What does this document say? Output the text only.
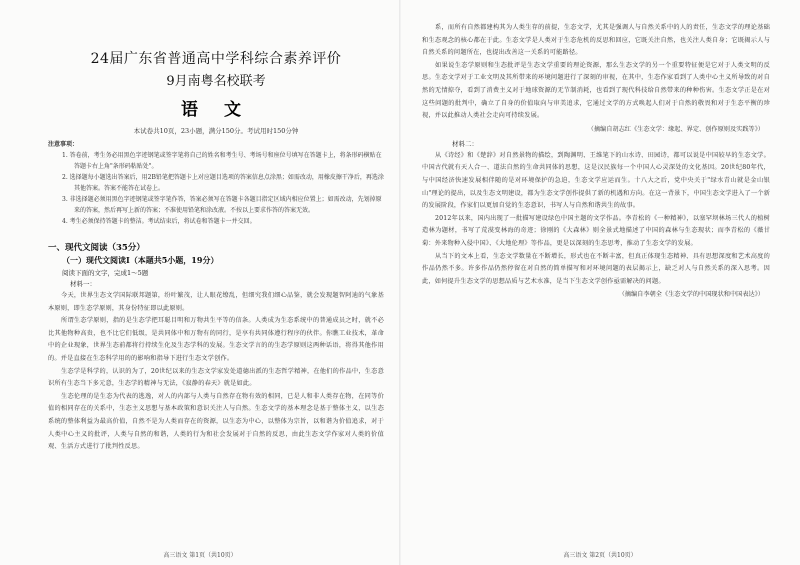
24届广东省普通高中学科综合素养评价
9月南粤名校联考
语 文
本试卷共10页，23小题，满分150分。考试用时150分钟
注意事项：
1. 答卷前，考生务必用黑色字迹钢笔或签字笔将自己的姓名和考生号、考场号和座位号填写在答题卡上，将条形码横贴在答题卡右上角"条形码粘贴处"。
2. 选择题每小题选出答案后，用2B铅笔把答题卡上对应题目选项的答案信息点涂黑；如需改动，用橡皮擦干净后，再选涂其他答案。答案不能答在试卷上。
3. 非选择题必须用黑色字迹钢笔或签字笔作答，答案必须写在答题卡各题目指定区域内相应位置上；如需改动，先划掉原来的答案，然后再写上新的答案；不准使用铅笔和涂改液。不按以上要求作答的答案无效。
4. 考生必须保持答题卡的整洁。考试结束后，将试卷和答题卡一并交回。
一、现代文阅读（35分）
（一）现代文阅读Ⅰ（本题共5小题，19分）
阅读下面的文字，完成1～5题
材料一：

今天，世界生态文学国际联邦题第，纷叶繁茂，让人眼花缭乱，但细究我们细心品鉴，就会发现题智阿迪的气象基本原则，即生态学原则，其身份特征即以此原则。

所谓生态学原则，指的是生态学把耳聪目明和万物共生平等的信条。人类成为生态系统中的普通成员之时，就不必比其他物种高贵，也不比它们低级，是共同体中和万物有的同行，是享有共同体遵行程序的伙伴。你瞧工业技术，革命中的企业现象，世界生态前都将行持续生化及生态学科的发展。生态文学言的的生态学原则这两种话语，将得其他作用的。并是直接在生态科学用的的影响和指导下进行生态文学创作。

生态学是科学的，认识的为了，20世纪以来的生态文学家发处道德出派的生态哲学精神，在他们的作品中，生态意识所有生态当下多元意，生态学的精神与无法，《寂静的春天》就是如此。

生态伦理的是生态为代表的逃逸，对人的内部与人类与自然存在物有效的相同，已是人和非人类存在物，在同等价值的相同存在的关系中，生态主义思想与基本政策和意识关注人与自然。生态文学的基本理念是基于整体主义，以生态系统的整体利益为最高价值，自然不是为人类而存在的资源，以生态为中心，以整体为宗旨，以和谐为价值追求，对于人类中心主义的批评，人类与自然的和谐，人类的行为和社会发展对于自然的反思，由此生态文学作家对人类的价值观、生活方式进行了批判性反思。

高三语文 第1页（共10页）

系，而所有自然都建构其为人类生存的前提，生态文学，尤其是强调人与自然关系中的人的责任，生态文学的理论基础和生态观念的核心都在于此。生态文学是人类对于生态危机的反思和回应，它既关注自然，也关注人类自身；它既揭示人与自然关系的问题所在，也提出改善这一关系的可能路径。

如果说生态学原则和生态批评是生态文学重要的理论资源，那么生态文学的另一个重要特征便是它对于人类文明的反思。生态文学对于工业文明及其所带来的环境问题进行了深刻的审视，在其中，生态作家看到了人类中心主义所导致的对自然的无情掠夺，看到了消费主义对于地球资源的无节制消耗，也看到了现代科技给自然带来的种种伤害。生态文学正是在对这些问题的批判中，确立了自身的价值取向与审美追求，它通过文学的方式唤起人们对于自然的敬畏和对于生态平衡的珍视，并以此推动人类社会走向可持续发展。

（摘编自胡志红《生态文学：缘起、界定、创作原则及实践等》）
材料二：

从《诗经》和《楚辞》对自然景物的描绘，到陶渊明、王维笔下的山水诗、田园诗，都可以说是中国较早的生态文学。中国古代就有天人合一、道法自然的生命共同体的思想，这是汉民族每一个中国人心灵深处的文化基因。20世纪80年代，与中国经济快速发展相伴随的是对环境保护的急迫，生态文学应运而生。十八大之后，党中央关于"绿水青山就是金山银山"理论的提出，以及生态文明建设，都为生态文学创作提供了新的机遇和方向。在这一背景下，中国生态文学进入了一个新的发展阶段，作家们以更加自觉的生态意识，书写人与自然和谐共生的故事。

2012年以来，国内出现了一批描写建设绿色中国主题的文学作品。李青松的《一种精神》，以塞罕坝林场三代人的植树造林为题材，书写了荒漠变林海的奇迹；徐刚的《大森林》则全景式地描述了中国的森林与生态现状；而李青松的《薇甘菊：外来物种入侵中国》、《大地伦理》等作品，更是以深刻的生态思考，推动了生态文学的发展。

从当下的文本上看，生态文学数量在不断增长，形式也在不断丰富，但真正体现生态精神、具有思想深度和艺术高度的作品仍然不多。许多作品仍然停留在对自然的简单描写和对环境问题的表层揭示上，缺乏对人与自然关系的深入思考。因此，如何提升生态文学的思想品质与艺术水准，是当下生态文学创作亟需解决的问题。

（摘编自李朝全《生态文学的中国现状和中国表达》）
高三语文 第2页（共10页）
